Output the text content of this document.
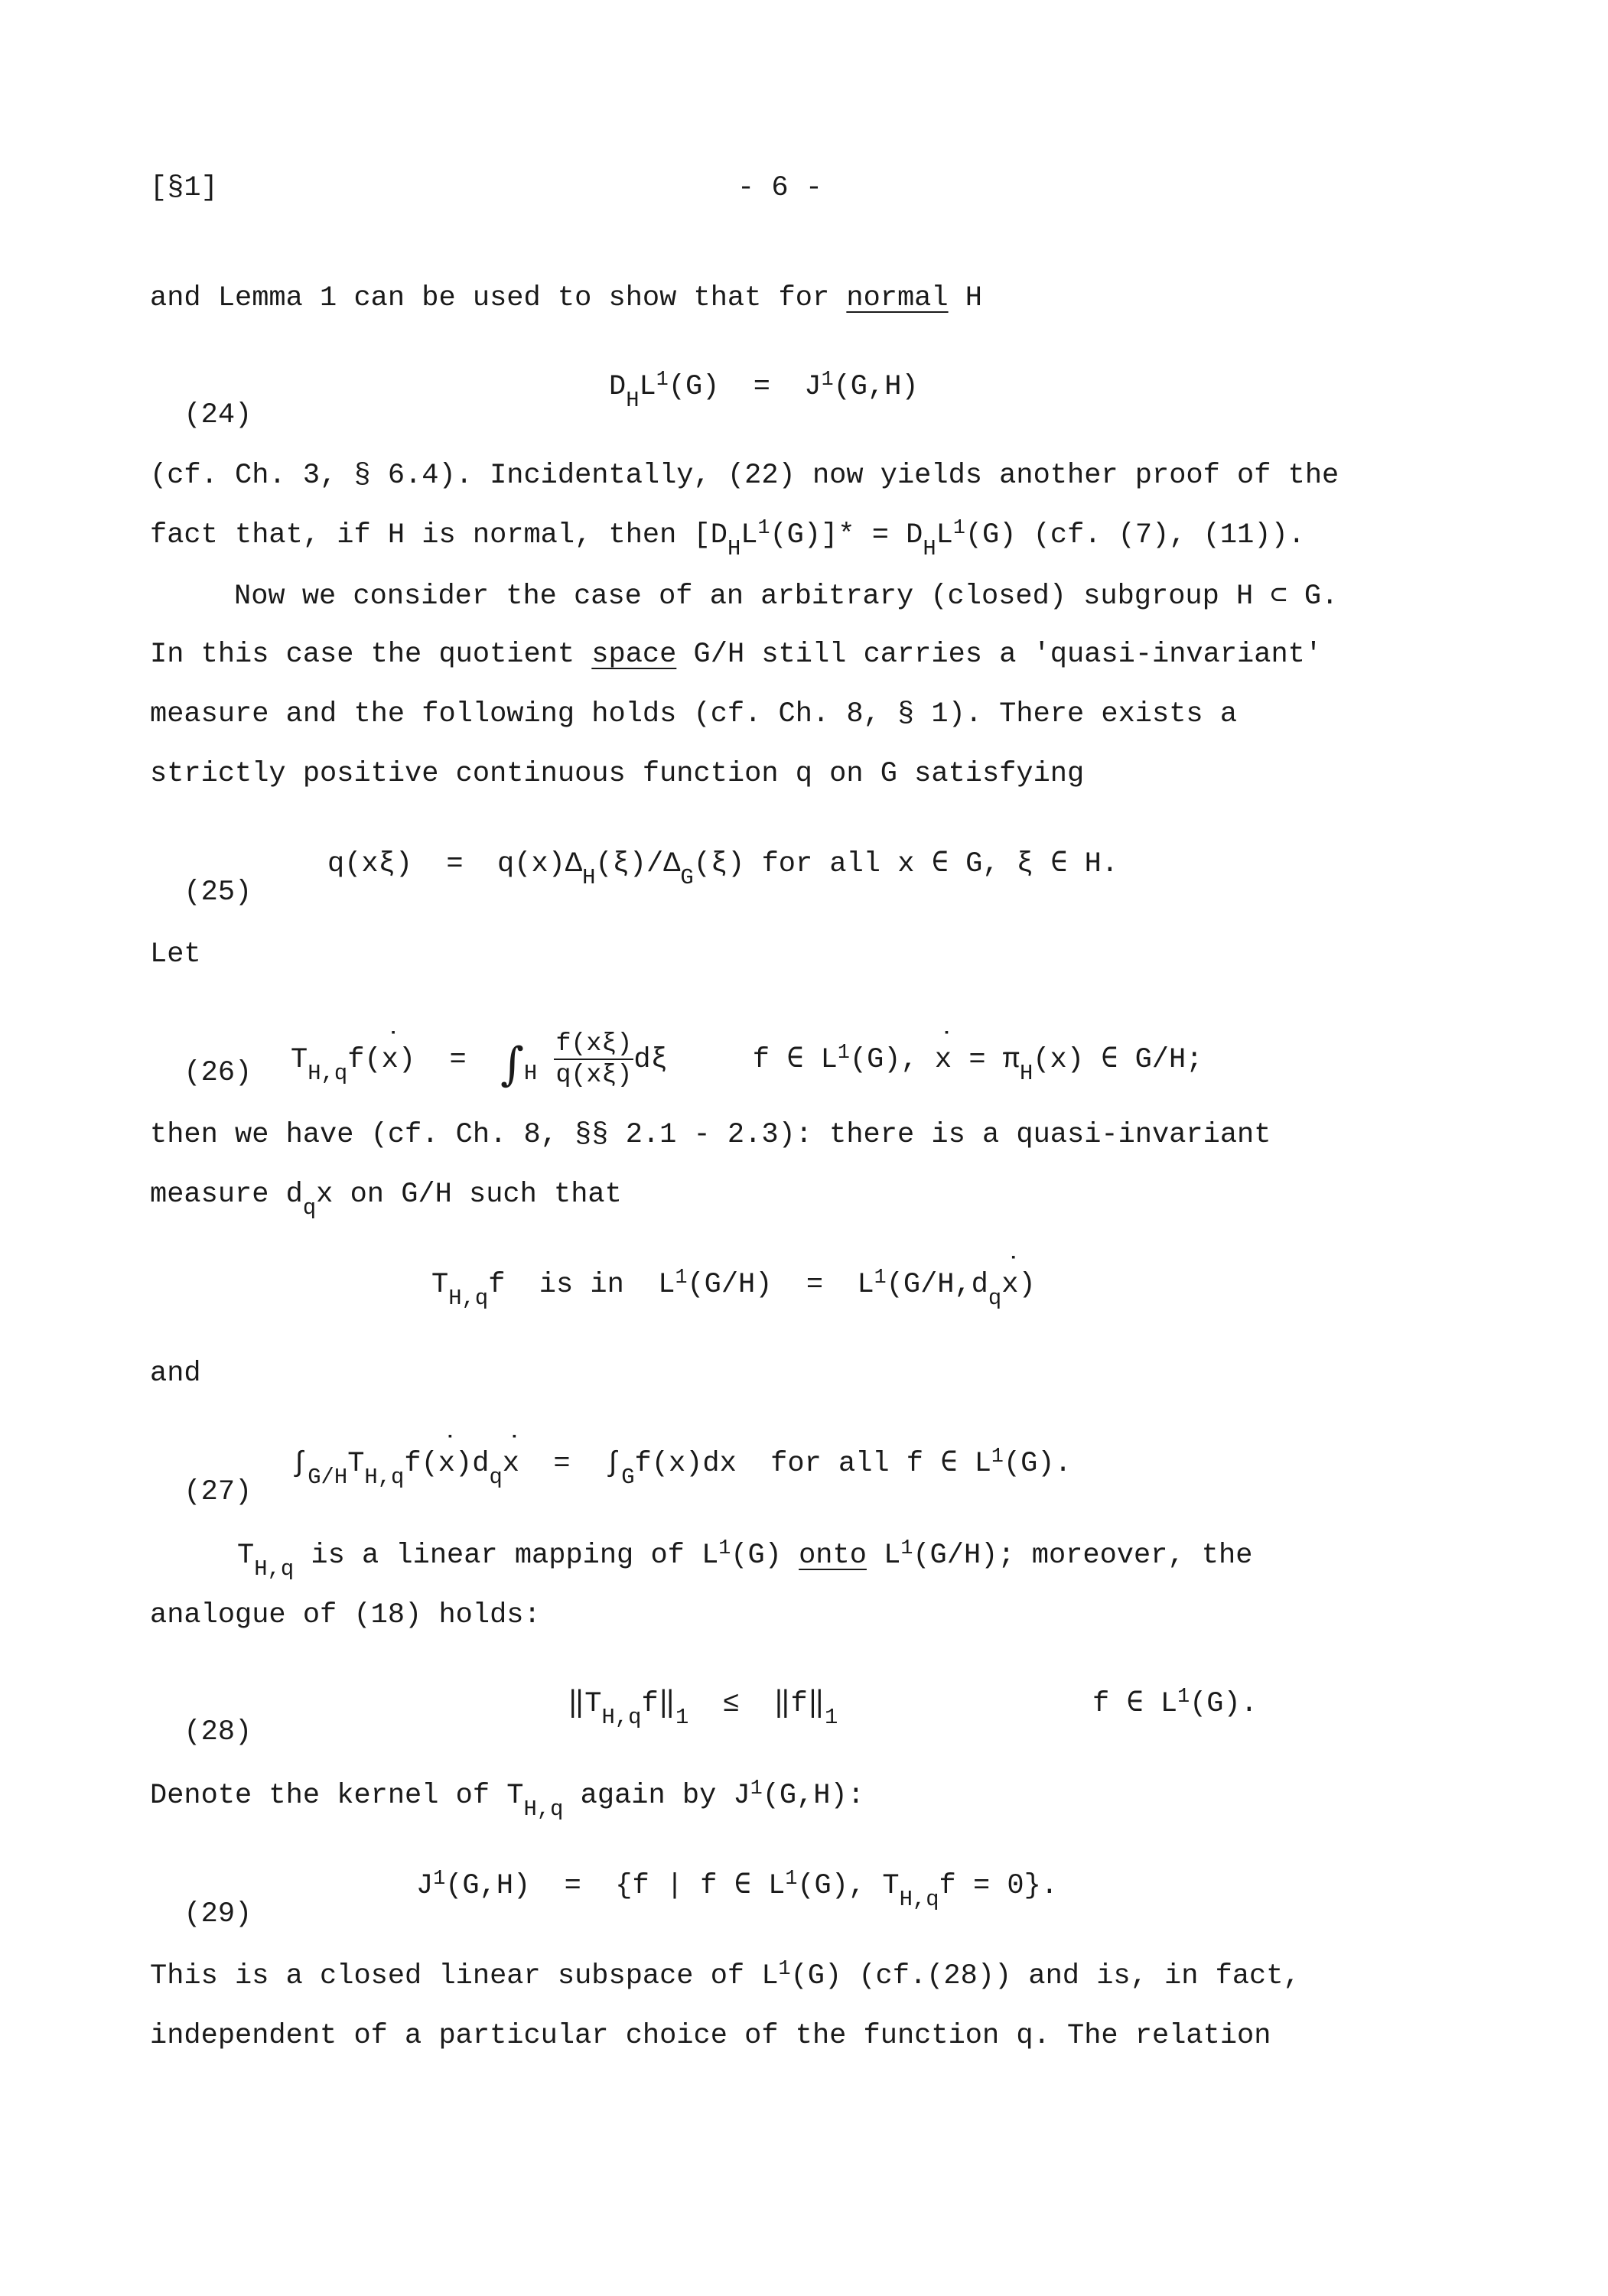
[§1]	- 6 -
and Lemma 1 can be used to show that for normal H

(24)

$D_HL^1(G) = J^1(G,H)$

(cf. Ch. 3, § 6.4). Incidentally, (22) now yields another proof of the
fact that, if H is normal, then $[D_HL^1(G)]* = D_HL^1(G)$ (cf. (7), (11)).
Now we consider the case of an arbitrary (closed) subgroup H ⊂ G.
In this case the quotient space G/H still carries a 'quasi-invariant'
measure and the following holds (cf. Ch. 8, § 1). There exists a
strictly positive continuous function q on G satisfying

(25)

$q(x\xi) = q(x)\Delta_H(\xi)/\Delta_G(\xi)$ for all x ∈ G, ξ ∈ H.

Let

(26)
$T_{H,q}f(x$ ˙)  =  $\int_H \frac{f(x\xi)}{q(x\xi)}$ dξ     f ∈ $L^1(G)$, x ˙ = $\pi_H(x)$ ∈ G/H;

then we have (cf. Ch. 8, §§ 2.1 - 2.3): there is a quasi-invariant
measure $d_qx$ on G/H such that

$T_{H,q}f$  is in  $L^1(G/H) = L^1(G/H,d_qx$ ˙)

and

(27)

$\int_{G/H}T_{H,q}f(x$ $˙)d_qx$ ˙  =  $\int_Gf(x)dx$  for all f ∈ $L^1(G)$.

$T_{H,q}$ is a linear mapping of $L^1(G)$ onto $L^1(G/H)$; moreover, the
analogue of (18) holds:

(28)

$‖T_{H,q}f‖_1$  ≤  $‖f‖_1$

	f ∈ $L^1(G)$.

Denote the kernel of $T_{H,q}$ again by $J^1(G,H)$:

(29)

$J^1(G,H) = \{f$ | f ∈ $L^1(G)$, $T_{H,q}f = 0$}.

This is a closed linear subspace of $L^1(G)$ (cf.(28)) and is, in fact,
independent of a particular choice of the function q. The relation
